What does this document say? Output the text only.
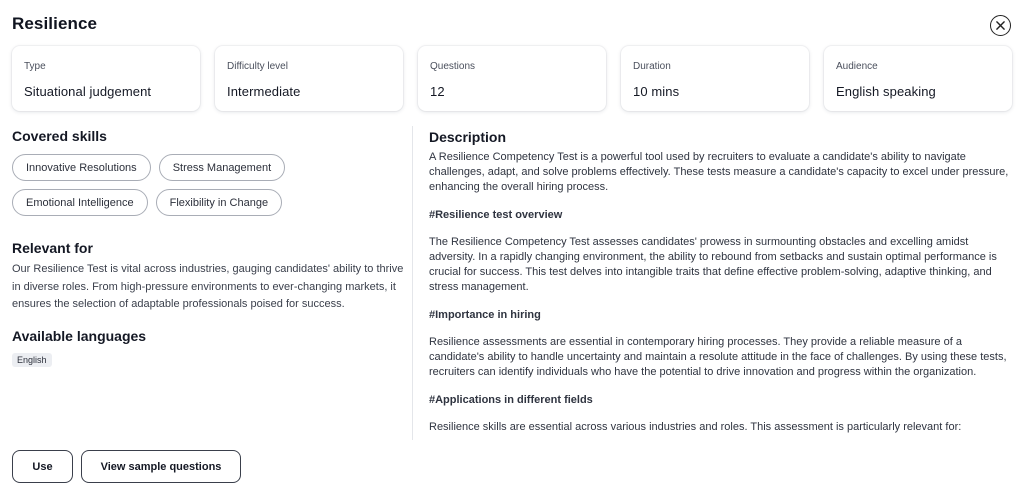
Resilience
Type
Situational judgement
Difficulty level
Intermediate
Questions
12
Duration
10 mins
Audience
English speaking
Covered skills
Innovative Resolutions	Stress Management
Emotional Intelligence	Flexibility in Change
Relevant for

Our Resilience Test is vital across industries, gauging candidates' ability to thrive in diverse roles. From high-pressure environments to ever-changing markets, it ensures the selection of adaptable professionals poised for success.

Available languages
English
Description
A Resilience Competency Test is a powerful tool used by recruiters to evaluate a candidate's ability to navigate challenges, adapt, and solve problems effectively. These tests measure a candidate's capacity to excel under pressure, enhancing the overall hiring process.
#Resilience test overview
The Resilience Competency Test assesses candidates' prowess in surmounting obstacles and excelling amidst adversity. In a rapidly changing environment, the ability to rebound from setbacks and sustain optimal performance is crucial for success. This test delves into intangible traits that define effective problem-solving, adaptive thinking, and stress management.
#Importance in hiring
Resilience assessments are essential in contemporary hiring processes. They provide a reliable measure of a candidate's ability to handle uncertainty and maintain a resolute attitude in the face of challenges. By using these tests, recruiters can identify individuals who have the potential to drive innovation and progress within the organization.
#Applications in different fields
Resilience skills are essential across various industries and roles. This assessment is particularly relevant for:
Use	View sample questions
